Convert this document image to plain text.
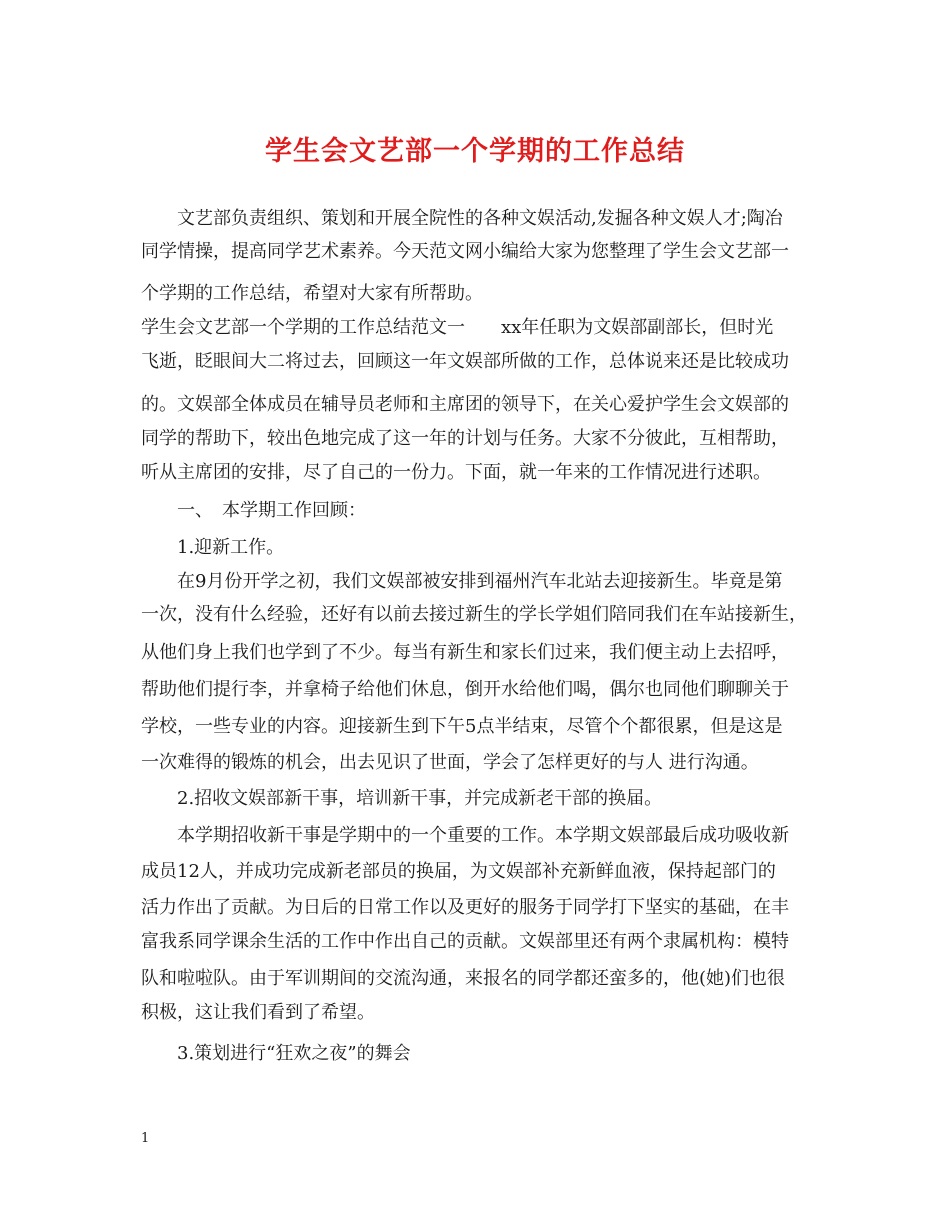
学生会文艺部一个学期的工作总结

文艺部负责组织、策划和开展全院性的各种文娱活动,发掘各种文娱人才;陶冶

同学情操，提高同学艺术素养。今天范文网小编给大家为您整理了学生会文艺部一

个学期的工作总结，希望对大家有所帮助。

学生会文艺部一个学期的工作总结范文一　　xx年任职为文娱部副部长，但时光

飞逝，眨眼间大二将过去，回顾这一年文娱部所做的工作，总体说来还是比较成功

的。文娱部全体成员在辅导员老师和主席团的领导下，在关心爱护学生会文娱部的

同学的帮助下，较出色地完成了这一年的计划与任务。大家不分彼此，互相帮助，

听从主席团的安排，尽了自己的一份力。下面，就一年来的工作情况进行述职。

一、　本学期工作回顾：

1.迎新工作。

在9月份开学之初，我们文娱部被安排到福州汽车北站去迎接新生。毕竟是第

一次，没有什么经验，还好有以前去接过新生的学长学姐们陪同我们在车站接新生，

从他们身上我们也学到了不少。每当有新生和家长们过来，我们便主动上去招呼，

帮助他们提行李，并拿椅子给他们休息，倒开水给他们喝，偶尔也同他们聊聊关于

学校，一些专业的内容。迎接新生到下午5点半结束，尽管个个都很累，但是这是

一次难得的锻炼的机会，出去见识了世面，学会了怎样更好的与人 进行沟通。

2.招收文娱部新干事，培训新干事，并完成新老干部的换届。

本学期招收新干事是学期中的一个重要的工作。本学期文娱部最后成功吸收新

成员12人，并成功完成新老部员的换届，为文娱部补充新鲜血液，保持起部门的

活力作出了贡献。为日后的日常工作以及更好的服务于同学打下坚实的基础，在丰

富我系同学课余生活的工作中作出自己的贡献。文娱部里还有两个隶属机构：模特

队和啦啦队。由于军训期间的交流沟通，来报名的同学都还蛮多的，他(她)们也很

积极，这让我们看到了希望。

3.策划进行“狂欢之夜”的舞会

1
